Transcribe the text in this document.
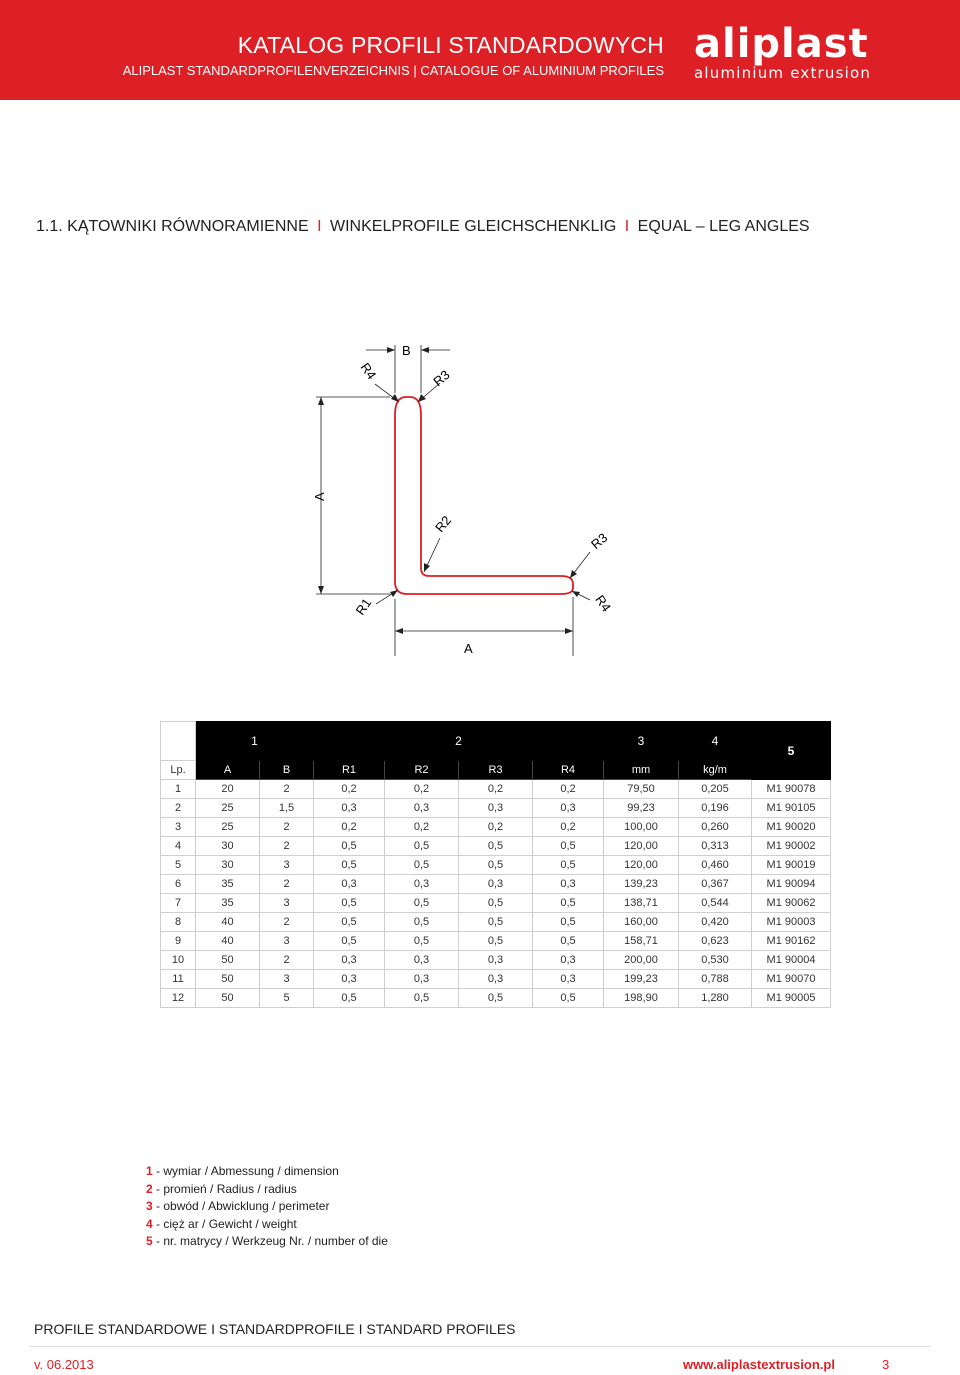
KATALOG PROFILI STANDARDOWYCH
ALIPLAST STANDARDPROFILENVERZEICHNIS | CATALOGUE OF ALUMINIUM PROFILES
aliplast
aluminium extrusion
1.1. KĄTOWNIKI RÓWNORAMIENNE I WINKELPROFILE GLEICHSCHENKLIG I EQUAL – LEG ANGLES
B
R4	R3
A
R2
R3
R1	R4
A
	1		2				3	4	5
Lp.	A	B	R1	R2	R3	R4	mm	kg/m	
1	20	2	0,2	0,2	0,2	0,2	79,50	0,205	M1 90078
2	25	1,5	0,3	0,3	0,3	0,3	99,23	0,196	M1 90105
3	25	2	0,2	0,2	0,2	0,2	100,00	0,260	M1 90020
4	30	2	0,5	0,5	0,5	0,5	120,00	0,313	M1 90002
5	30	3	0,5	0,5	0,5	0,5	120,00	0,460	M1 90019
6	35	2	0,3	0,3	0,3	0,3	139,23	0,367	M1 90094
7	35	3	0,5	0,5	0,5	0,5	138,71	0,544	M1 90062
8	40	2	0,5	0,5	0,5	0,5	160,00	0,420	M1 90003
9	40	3	0,5	0,5	0,5	0,5	158,71	0,623	M1 90162
10	50	2	0,3	0,3	0,3	0,3	200,00	0,530	M1 90004
11	50	3	0,3	0,3	0,3	0,3	199,23	0,788	M1 90070
12	50	5	0,5	0,5	0,5	0,5	198,90	1,280	M1 90005
1 - wymiar / Abmessung / dimension
2 - promień / Radius / radius
3 - obwód / Abwicklung / perimeter
4 - cięż ar / Gewicht / weight
5 - nr. matrycy / Werkzeug Nr. / number of die
PROFILE STANDARDOWE I STANDARDPROFILE I STANDARD PROFILES
v. 06.2013	www.aliplastextrusion.pl	3
